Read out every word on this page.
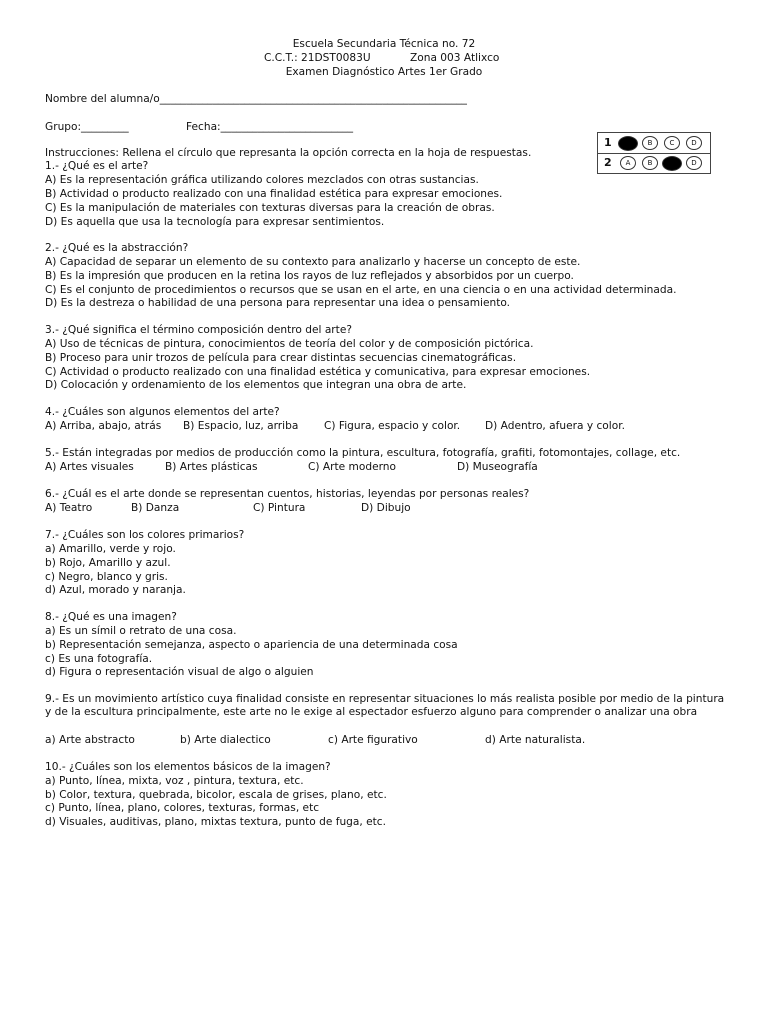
Escuela Secundaria Técnica no. 72
C.C.T.: 21DST0083U	Zona 003 Atlixco
Examen Diagnóstico Artes 1er Grado
Nombre del alumna/o__________________________________________________________
Grupo:_________	Fecha:_________________________
Instrucciones: Rellena el círculo que represanta la opción correcta en la hoja de respuestas.
1	A	B	C	D
2	A	B	C	D
1.- ¿Qué es el arte?
A) Es la representación gráfica utilizando colores mezclados con otras sustancias.
B) Actividad o producto realizado con una finalidad estética para expresar emociones.
C) Es la manipulación de materiales con texturas diversas para la creación de obras.
D) Es aquella que usa la tecnología para expresar sentimientos.
2.- ¿Qué es la abstracción?
A) Capacidad de separar un elemento de su contexto para analizarlo y hacerse un concepto de este.
B) Es la impresión que producen en la retina los rayos de luz reflejados y absorbidos por un cuerpo.
C) Es el conjunto de procedimientos o recursos que se usan en el arte, en una ciencia o en una actividad determinada.
D) Es la destreza o habilidad de una persona para representar una idea o pensamiento.
3.- ¿Qué significa el término composición dentro del arte?
A) Uso de técnicas de pintura, conocimientos de teoría del color y de composición pictórica.
B) Proceso para unir trozos de película para crear distintas secuencias cinematográficas.
C) Actividad o producto realizado con una finalidad estética y comunicativa, para expresar emociones.
D) Colocación y ordenamiento de los elementos que integran una obra de arte.
4.- ¿Cuáles son algunos elementos del arte?
A) Arriba, abajo, atrás B) Espacio, luz, arriba C) Figura, espacio y color. D) Adentro, afuera y color.
5.- Están integradas por medios de producción como la pintura, escultura, fotografía, grafiti, fotomontajes, collage, etc.
A) Artes visuales	B) Artes plásticas	C) Arte moderno	D) Museografía
6.- ¿Cuál es el arte donde se representan cuentos, historias, leyendas por personas reales?
A) Teatro	B) Danza	C) Pintura	D) Dibujo
7.- ¿Cuáles son los colores primarios?
a) Amarillo, verde y rojo.
b) Rojo, Amarillo y azul.
c) Negro, blanco y gris.
d) Azul, morado y naranja.
8.- ¿Qué es una imagen?
a) Es un símil o retrato de una cosa.
b) Representación semejanza, aspecto o apariencia de una determinada cosa
c) Es una fotografía.
d) Figura o representación visual de algo o alguien
9.- Es un movimiento artístico cuya finalidad consiste en representar situaciones lo más realista posible por medio de la pintura y de la escultura principalmente, este arte no le exige al espectador esfuerzo alguno para comprender o analizar una obra
a) Arte abstracto	b) Arte dialectico	c) Arte figurativo	d) Arte naturalista.
10.- ¿Cuáles son los elementos básicos de la imagen?
a) Punto, línea, mixta, voz , pintura, textura, etc.
b) Color, textura, quebrada, bicolor, escala de grises, plano, etc.
c) Punto, línea, plano, colores, texturas, formas, etc
d) Visuales, auditivas, plano, mixtas textura, punto de fuga, etc.
